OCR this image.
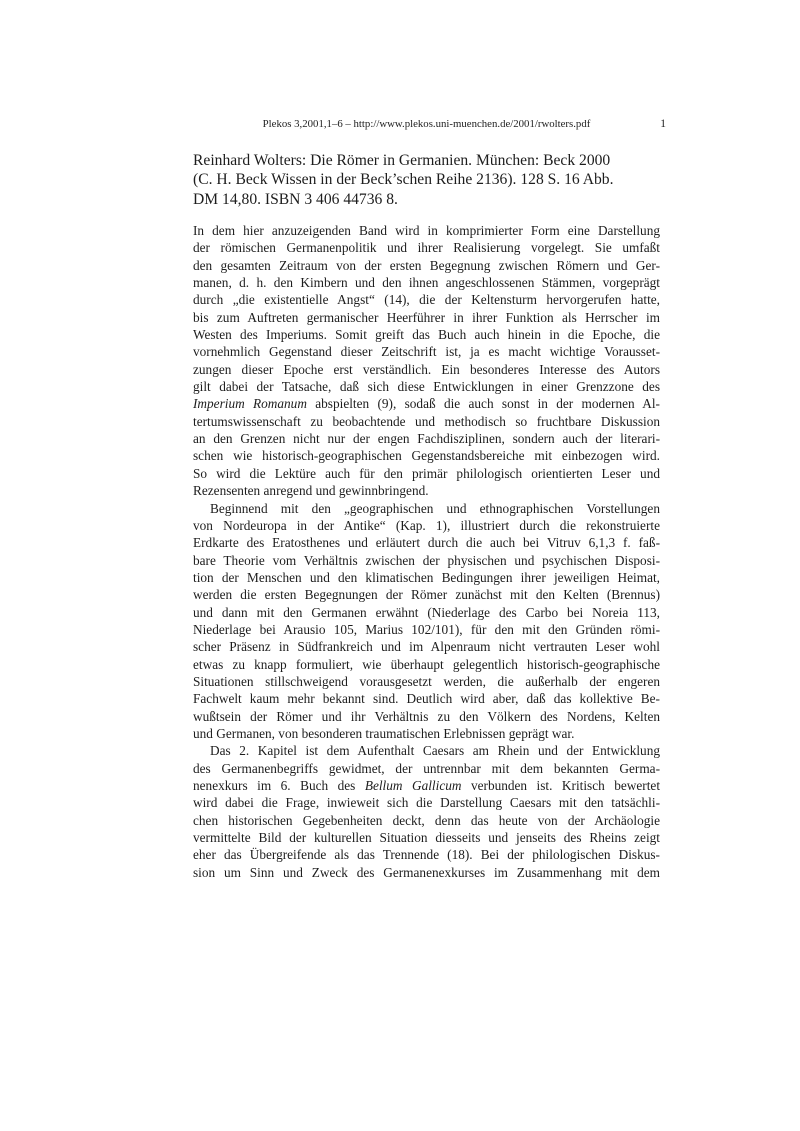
Plekos 3,2001,1–6 – http://www.plekos.uni-muenchen.de/2001/rwolters.pdf	1
Reinhard Wolters: Die Römer in Germanien. München: Beck 2000
(C. H. Beck Wissen in der Beck’schen Reihe 2136). 128 S. 16 Abb.
DM 14,80. ISBN 3 406 44736 8.
In dem hier anzuzeigenden Band wird in komprimierter Form eine Darstellung
der römischen Germanenpolitik und ihrer Realisierung vorgelegt. Sie umfaßt
den gesamten Zeitraum von der ersten Begegnung zwischen Römern und Ger-
manen, d. h. den Kimbern und den ihnen angeschlossenen Stämmen, vorgeprägt
durch „die existentielle Angst“ (14), die der Keltensturm hervorgerufen hatte,
bis zum Auftreten germanischer Heerführer in ihrer Funktion als Herrscher im
Westen des Imperiums. Somit greift das Buch auch hinein in die Epoche, die
vornehmlich Gegenstand dieser Zeitschrift ist, ja es macht wichtige Vorausset-
zungen dieser Epoche erst verständlich. Ein besonderes Interesse des Autors
gilt dabei der Tatsache, daß sich diese Entwicklungen in einer Grenzzone des
Imperium Romanum abspielten (9), sodaß die auch sonst in der modernen Al-
tertumswissenschaft zu beobachtende und methodisch so fruchtbare Diskussion
an den Grenzen nicht nur der engen Fachdisziplinen, sondern auch der literari-
schen wie historisch-geographischen Gegenstandsbereiche mit einbezogen wird.
So wird die Lektüre auch für den primär philologisch orientierten Leser und
Rezensenten anregend und gewinnbringend.
Beginnend mit den „geographischen und ethnographischen Vorstellungen
von Nordeuropa in der Antike“ (Kap. 1), illustriert durch die rekonstruierte
Erdkarte des Eratosthenes und erläutert durch die auch bei Vitruv 6,1,3 f. faß-
bare Theorie vom Verhältnis zwischen der physischen und psychischen Disposi-
tion der Menschen und den klimatischen Bedingungen ihrer jeweiligen Heimat,
werden die ersten Begegnungen der Römer zunächst mit den Kelten (Brennus)
und dann mit den Germanen erwähnt (Niederlage des Carbo bei Noreia 113,
Niederlage bei Arausio 105, Marius 102/101), für den mit den Gründen römi-
scher Präsenz in Südfrankreich und im Alpenraum nicht vertrauten Leser wohl
etwas zu knapp formuliert, wie überhaupt gelegentlich historisch-geographische
Situationen stillschweigend vorausgesetzt werden, die außerhalb der engeren
Fachwelt kaum mehr bekannt sind. Deutlich wird aber, daß das kollektive Be-
wußtsein der Römer und ihr Verhältnis zu den Völkern des Nordens, Kelten
und Germanen, von besonderen traumatischen Erlebnissen geprägt war.
Das 2. Kapitel ist dem Aufenthalt Caesars am Rhein und der Entwicklung
des Germanenbegriffs gewidmet, der untrennbar mit dem bekannten Germa-
nenexkurs im 6. Buch des Bellum Gallicum verbunden ist. Kritisch bewertet
wird dabei die Frage, inwieweit sich die Darstellung Caesars mit den tatsächli-
chen historischen Gegebenheiten deckt, denn das heute von der Archäologie
vermittelte Bild der kulturellen Situation diesseits und jenseits des Rheins zeigt
eher das Übergreifende als das Trennende (18). Bei der philologischen Diskus-
sion um Sinn und Zweck des Germanenexkurses im Zusammenhang mit dem
